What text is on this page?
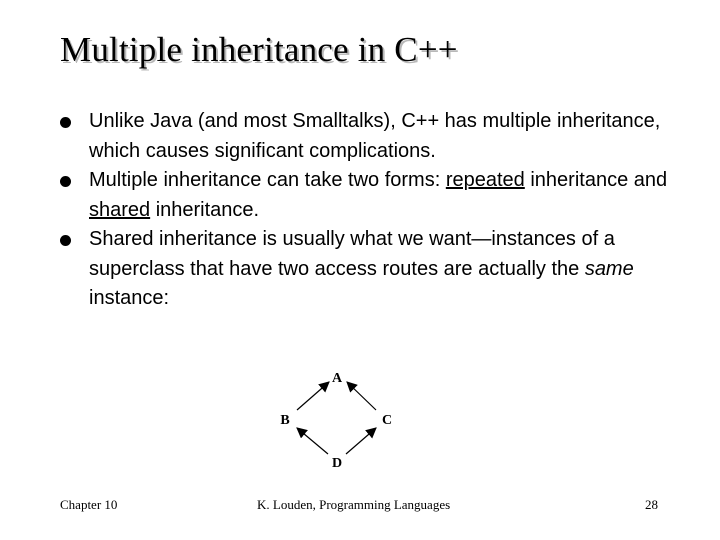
Multiple inheritance in C++
Unlike Java (and most Smalltalks), C++ has multiple inheritance, which causes significant complications.
Multiple inheritance can take two forms: repeated inheritance and shared inheritance.
Shared inheritance is usually what we want—instances of a superclass that have two access routes are actually the same instance:
A
B	C
D
Chapter 10	K. Louden, Programming Languages	28
